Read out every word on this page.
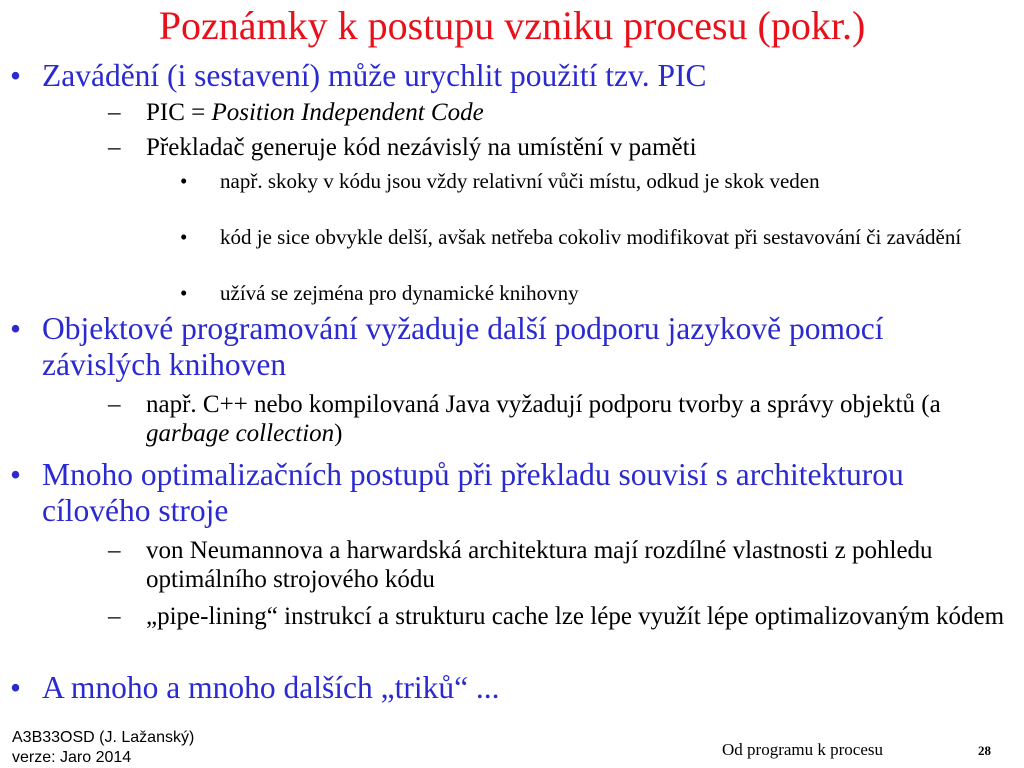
Poznámky k postupu vzniku procesu (pokr.)
• Zavádění (i sestavení) může urychlit použití tzv. PIC
– PIC = Position Independent Code
– Překladač generuje kód nezávislý na umístění v paměti
• např. skoky v kódu jsou vždy relativní vůči místu, odkud je skok veden
• kód je sice obvykle delší, avšak netřeba cokoliv modifikovat při sestavování či zavádění
• užívá se zejména pro dynamické knihovny
• Objektové programování vyžaduje další podporu jazykově pomocí závislých knihoven
– např. C++ nebo kompilovaná Java vyžadují podporu tvorby a správy objektů (a garbage collection)
• Mnoho optimalizačních postupů při překladu souvisí s architekturou cílového stroje
– von Neumannova a harwardská architektura mají rozdílné vlastnosti z pohledu optimálního strojového kódu
– „pipe-lining“ instrukcí a strukturu cache lze lépe využít lépe optimalizovaným kódem
• A mnoho a mnoho dalších „triků“ ...
A3B33OSD (J. Lažanský)
verze: Jaro 2014	Od programu k procesu	28
